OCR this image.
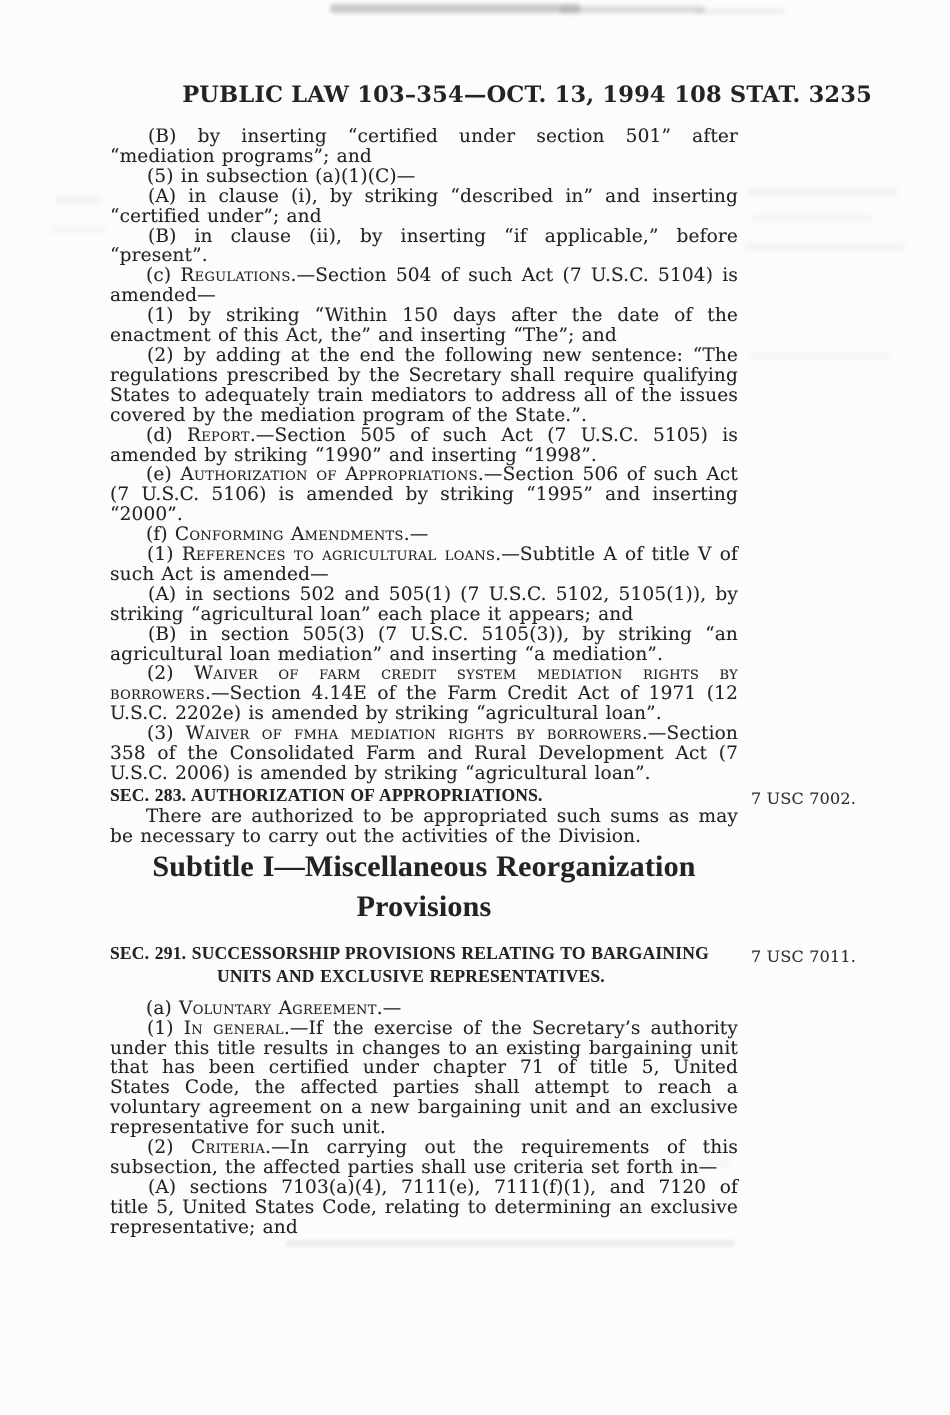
PUBLIC LAW 103–354—OCT. 13, 1994 108 STAT. 3235

(B) by inserting “certified under section 501” after “mediation programs”; and

(5) in subsection (a)(1)(C)—

(A) in clause (i), by striking “described in” and inserting “certified under”; and

(B) in clause (ii), by inserting “if applicable,” before “present”.

(c) Regulations.—Section 504 of such Act (7 U.S.C. 5104) is amended—

(1) by striking “Within 150 days after the date of the enactment of this Act, the” and inserting “The”; and

(2) by adding at the end the following new sentence: “The regulations prescribed by the Secretary shall require qualifying States to adequately train mediators to address all of the issues covered by the mediation program of the State.”.

(d) Report.—Section 505 of such Act (7 U.S.C. 5105) is amended by striking “1990” and inserting “1998”.

(e) Authorization of Appropriations.—Section 506 of such Act (7 U.S.C. 5106) is amended by striking “1995” and inserting “2000”.

(f) Conforming Amendments.—

(1) References to agricultural loans.—Subtitle A of title V of such Act is amended—

(A) in sections 502 and 505(1) (7 U.S.C. 5102, 5105(1)), by striking “agricultural loan” each place it appears; and

(B) in section 505(3) (7 U.S.C. 5105(3)), by striking “an agricultural loan mediation” and inserting “a mediation”.

(2) Waiver of farm credit system mediation rights by borrowers.—Section 4.14E of the Farm Credit Act of 1971 (12 U.S.C. 2202e) is amended by striking “agricultural loan”.

(3) Waiver of fmha mediation rights by borrowers.—Section 358 of the Consolidated Farm and Rural Development Act (7 U.S.C. 2006) is amended by striking “agricultural loan”.

SEC. 283. AUTHORIZATION OF APPROPRIATIONS.	7 USC 7002.

There are authorized to be appropriated such sums as may be necessary to carry out the activities of the Division.

Subtitle I—Miscellaneous Reorganization
Provisions

SEC. 291. SUCCESSORSHIP PROVISIONS RELATING TO BARGAINING UNITS AND EXCLUSIVE REPRESENTATIVES.
7 USC 7011.

(a) Voluntary Agreement.—

(1) In general.—If the exercise of the Secretary’s authority under this title results in changes to an existing bargaining unit that has been certified under chapter 71 of title 5, United States Code, the affected parties shall attempt to reach a voluntary agreement on a new bargaining unit and an exclusive representative for such unit.

(2) Criteria.—In carrying out the requirements of this subsection, the affected parties shall use criteria set forth in—

(A) sections 7103(a)(4), 7111(e), 7111(f)(1), and 7120 of title 5, United States Code, relating to determining an exclusive representative; and
